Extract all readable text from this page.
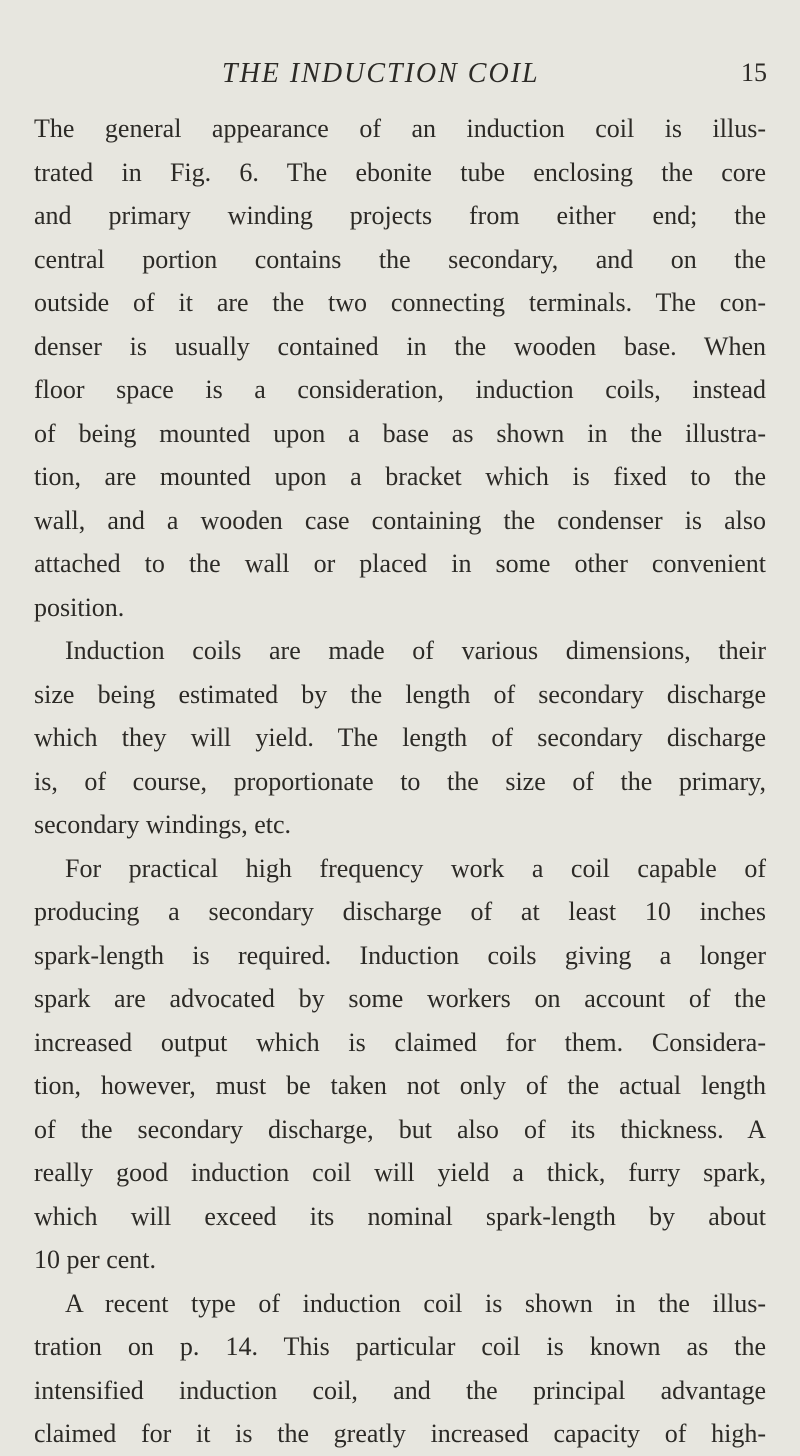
THE INDUCTION COIL	15
The general appearance of an induction coil is illus-
trated in Fig. 6. The ebonite tube enclosing the core
and primary winding projects from either end; the
central portion contains the secondary, and on the
outside of it are the two connecting terminals. The con-
denser is usually contained in the wooden base. When
floor space is a consideration, induction coils, instead
of being mounted upon a base as shown in the illustra-
tion, are mounted upon a bracket which is fixed to the
wall, and a wooden case containing the condenser is also
attached to the wall or placed in some other convenient
position.
Induction coils are made of various dimensions, their
size being estimated by the length of secondary discharge
which they will yield. The length of secondary discharge
is, of course, proportionate to the size of the primary,
secondary windings, etc.
For practical high frequency work a coil capable of
producing a secondary discharge of at least 10 inches
spark-length is required. Induction coils giving a longer
spark are advocated by some workers on account of the
increased output which is claimed for them. Considera-
tion, however, must be taken not only of the actual length
of the secondary discharge, but also of its thickness. A
really good induction coil will yield a thick, furry spark,
which will exceed its nominal spark-length by about
10 per cent.
A recent type of induction coil is shown in the illus-
tration on p. 14. This particular coil is known as the
intensified induction coil, and the principal advantage
claimed for it is the greatly increased capacity of high-
